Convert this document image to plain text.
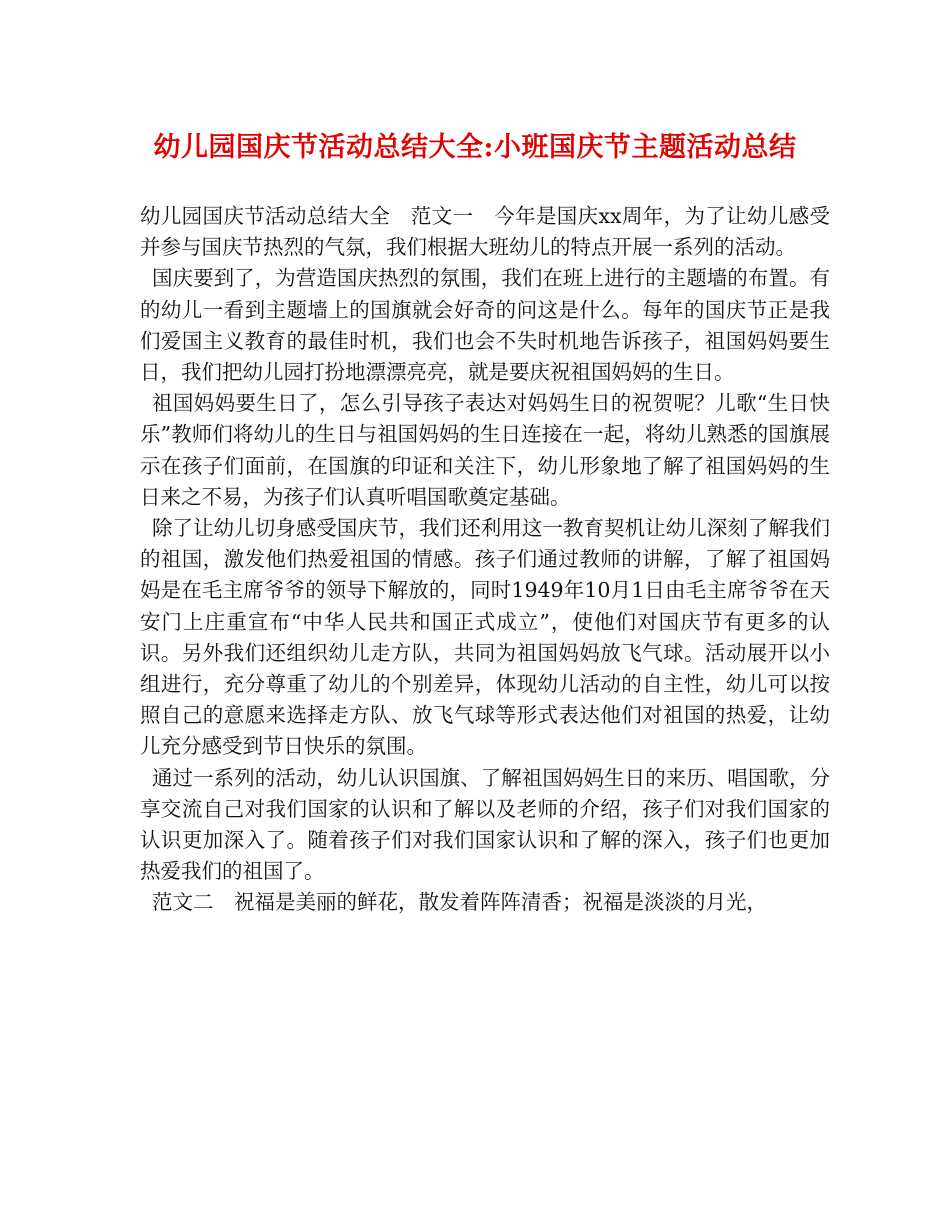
幼儿园国庆节活动总结大全:小班国庆节主题活动总结

幼儿园国庆节活动总结大全　范文一　今年是国庆xx周年，为了让幼儿感受并参与国庆节热烈的气氛，我们根据大班幼儿的特点开展一系列的活动。

国庆要到了，为营造国庆热烈的氛围，我们在班上进行的主题墙的布置。有的幼儿一看到主题墙上的国旗就会好奇的问这是什么。每年的国庆节正是我们爱国主义教育的最佳时机，我们也会不失时机地告诉孩子，祖国妈妈要生日，我们把幼儿园打扮地漂漂亮亮，就是要庆祝祖国妈妈的生日。

祖国妈妈要生日了，怎么引导孩子表达对妈妈生日的祝贺呢？儿歌“生日快乐”教师们将幼儿的生日与祖国妈妈的生日连接在一起，将幼儿熟悉的国旗展示在孩子们面前，在国旗的印证和关注下，幼儿形象地了解了祖国妈妈的生日来之不易，为孩子们认真听唱国歌奠定基础。

除了让幼儿切身感受国庆节，我们还利用这一教育契机让幼儿深刻了解我们的祖国，激发他们热爱祖国的情感。孩子们通过教师的讲解，了解了祖国妈妈是在毛主席爷爷的领导下解放的，同时1949年10月1日由毛主席爷爷在天安门上庄重宣布“中华人民共和国正式成立”，使他们对国庆节有更多的认识。另外我们还组织幼儿走方队，共同为祖国妈妈放飞气球。活动展开以小组进行，充分尊重了幼儿的个别差异，体现幼儿活动的自主性，幼儿可以按照自己的意愿来选择走方队、放飞气球等形式表达他们对祖国的热爱，让幼儿充分感受到节日快乐的氛围。

通过一系列的活动，幼儿认识国旗、了解祖国妈妈生日的来历、唱国歌，分享交流自己对我们国家的认识和了解以及老师的介绍，孩子们对我们国家的认识更加深入了。随着孩子们对我们国家认识和了解的深入，孩子们也更加热爱我们的祖国了。

范文二　祝福是美丽的鲜花，散发着阵阵清香；祝福是淡淡的月光，
